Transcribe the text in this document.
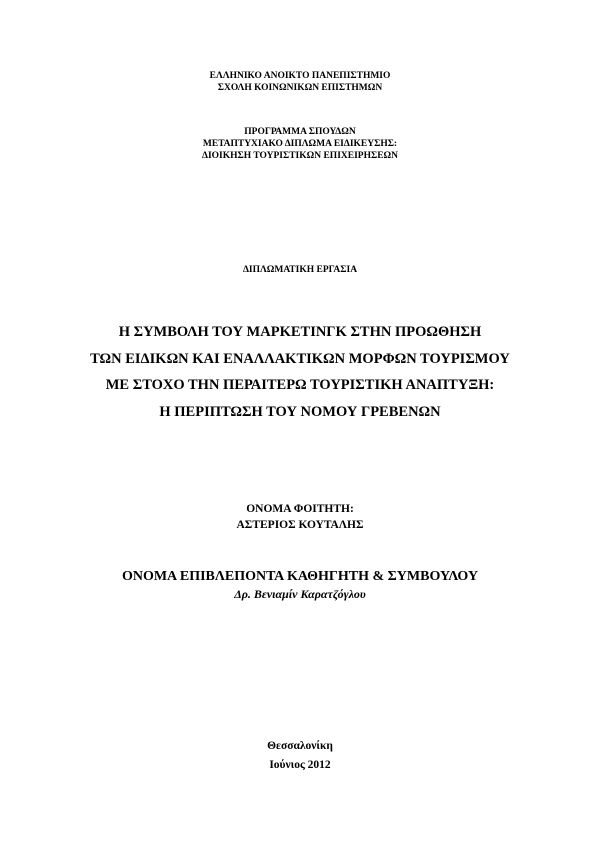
ΕΛΛΗΝΙΚΟ ΑΝΟΙΚΤΟ ΠΑΝΕΠΙΣΤΗΜΙΟ
ΣΧΟΛΗ ΚΟΙΝΩΝΙΚΩΝ ΕΠΙΣΤΗΜΩΝ
ΠΡΟΓΡΑΜΜΑ ΣΠΟΥΔΩΝ
ΜΕΤΑΠΤΥΧΙΑΚΟ ΔΙΠΛΩΜΑ ΕΙΔΙΚΕΥΣΗΣ:
ΔΙΟΙΚΗΣΗ ΤΟΥΡΙΣΤΙΚΩΝ ΕΠΙΧΕΙΡΗΣΕΩΝ
ΔΙΠΛΩΜΑΤΙΚΗ ΕΡΓΑΣΙΑ
Η ΣΥΜΒΟΛΗ ΤΟΥ ΜΑΡΚΕΤΙΝΓΚ ΣΤΗΝ ΠΡΟΩΘΗΣΗ
ΤΩΝ ΕΙΔΙΚΩΝ ΚΑΙ ΕΝΑΛΛΑΚΤΙΚΩΝ ΜΟΡΦΩΝ ΤΟΥΡΙΣΜΟΥ
ΜΕ ΣΤΟΧΟ ΤΗΝ ΠΕΡΑΙΤΕΡΩ ΤΟΥΡΙΣΤΙΚΗ ΑΝΑΠΤΥΞΗ:
Η ΠΕΡΙΠΤΩΣΗ ΤΟΥ ΝΟΜΟΥ ΓΡΕΒΕΝΩΝ
ΟΝΟΜΑ ΦΟΙΤΗΤΗ:
ΑΣΤΕΡΙΟΣ ΚΟΥΤΑΛΗΣ
ΟΝΟΜΑ ΕΠΙΒΛΕΠΟΝΤΑ ΚΑΘΗΓΗΤΗ & ΣΥΜΒΟΥΛΟΥ
Δρ. Βενιαμίν Καρατζόγλου
Θεσσαλονίκη
Ιούνιος 2012
